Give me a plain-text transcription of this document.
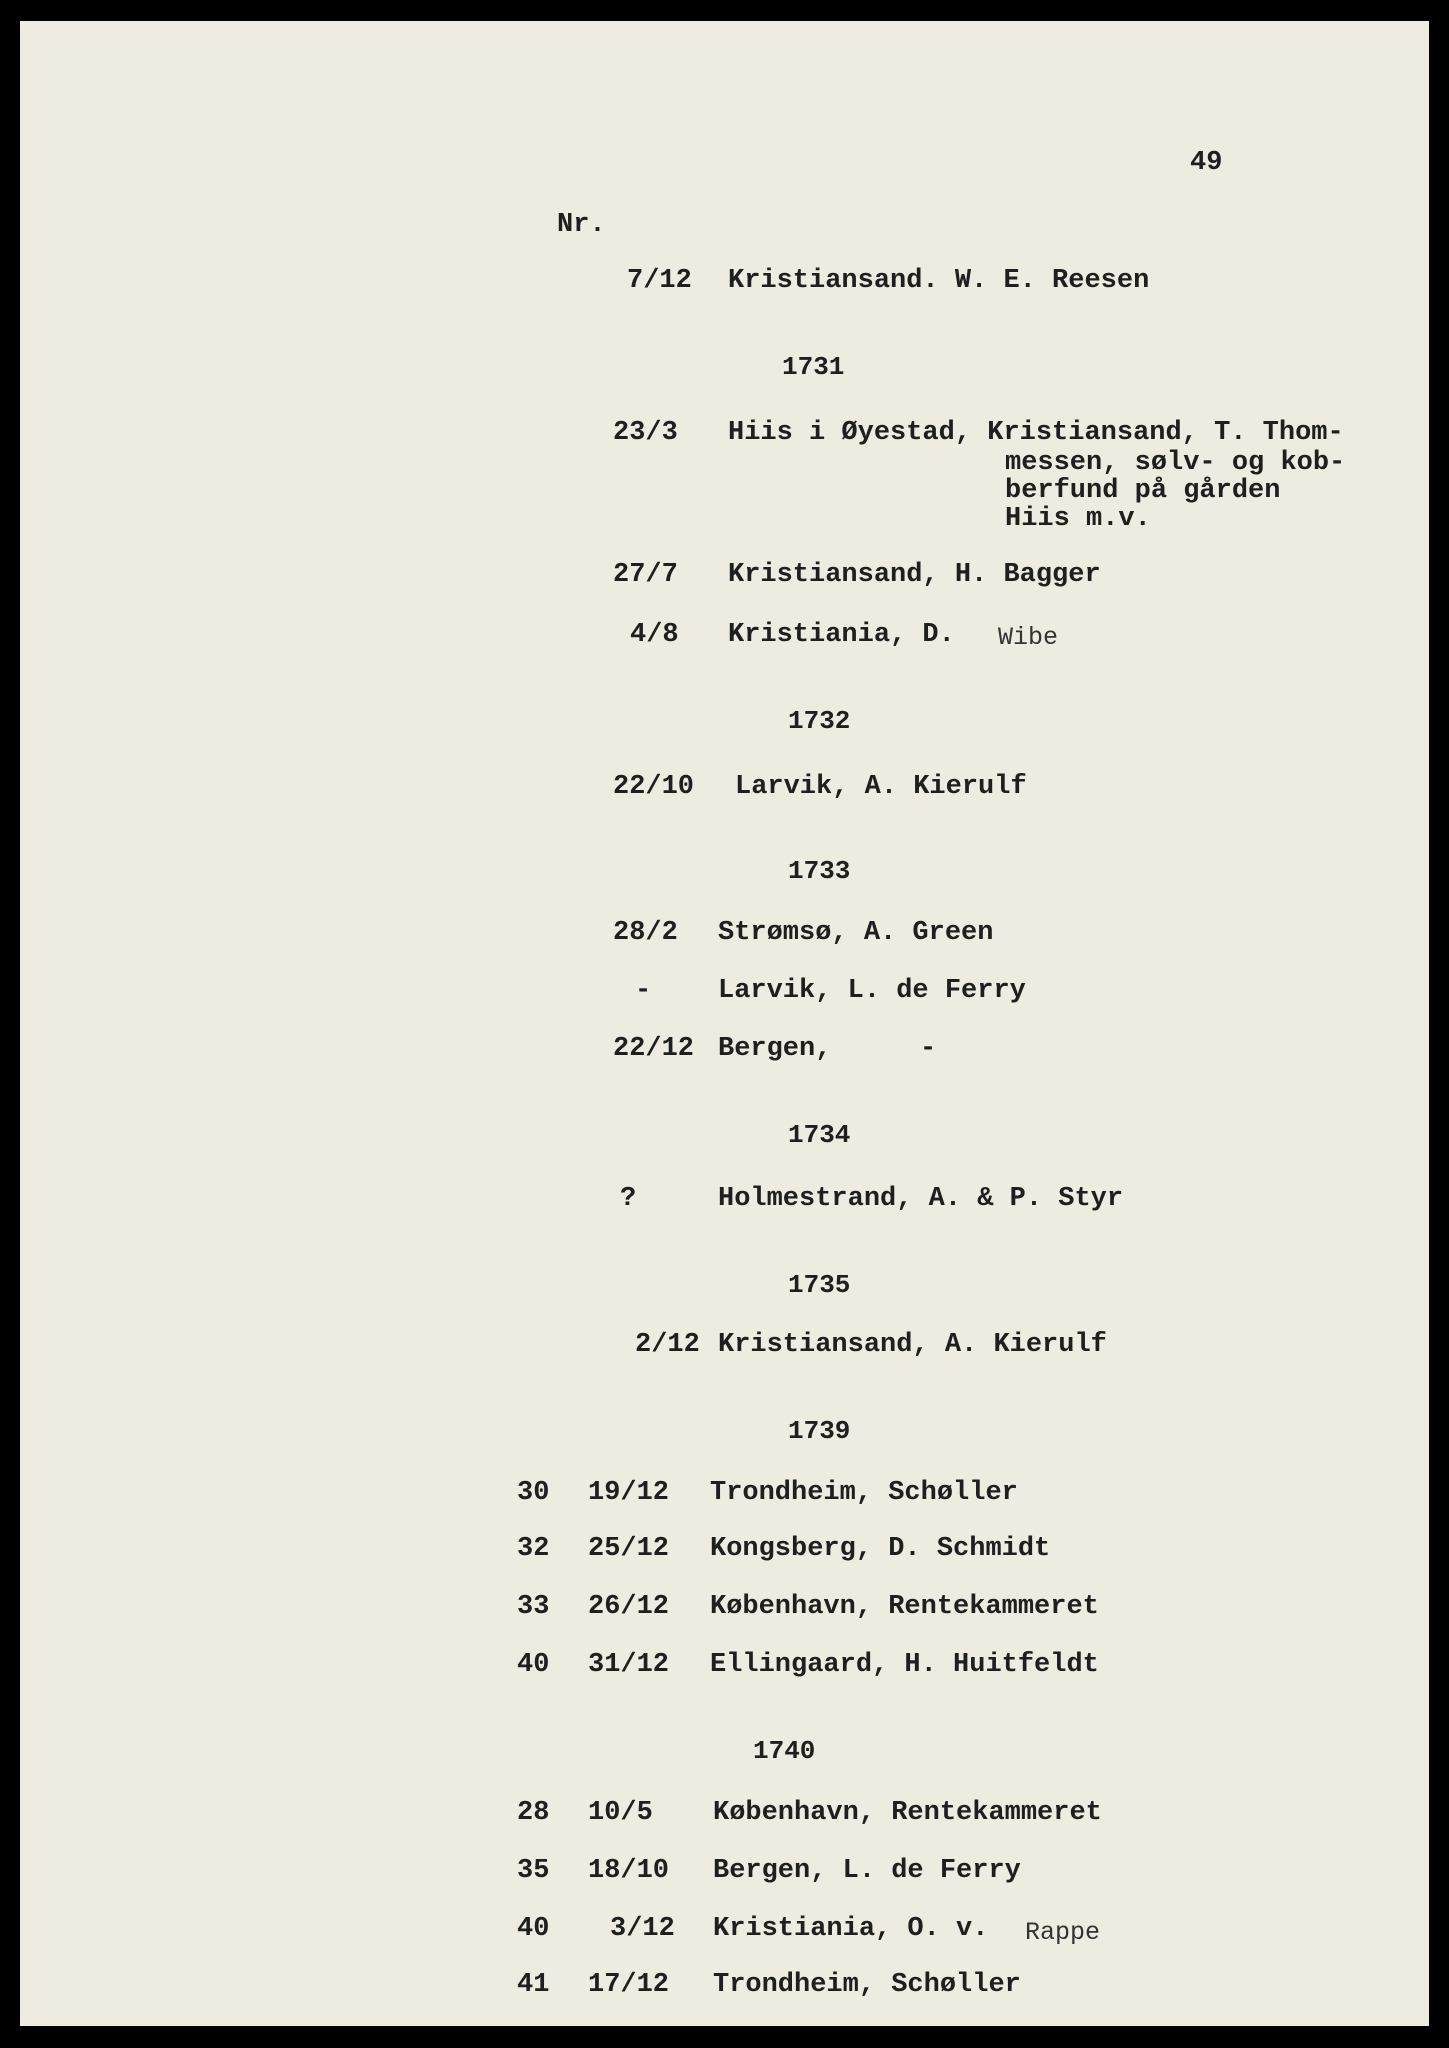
49
Nr.
7/12 Kristiansand. W. E. Reesen
1731
23/3 Hiis i Øyestad, Kristiansand, T. Thom-
messen, sølv- og kob-
berfund på gården
Hiis m.v.
27/7 Kristiansand, H. Bagger
4/8 Kristiania, D. Wibe
1732
22/10 Larvik, A. Kierulf
1733
28/2 Strømsø, A. Green
- Larvik, L. de Ferry
22/12 Bergen,	-
1734
?	Holmestrand, A. & P. Styr
1735
2/12 Kristiansand, A. Kierulf
1739
30 19/12 Trondheim, Schøller
32 25/12 Kongsberg, D. Schmidt
33 26/12 København, Rentekammeret
40 31/12 Ellingaard, H. Huitfeldt
1740
28 10/5 København, Rentekammeret
35 18/10 Bergen, L. de Ferry
40 3/12 Kristiania, O. v. Rappe
41 17/12 Trondheim, Schøller
